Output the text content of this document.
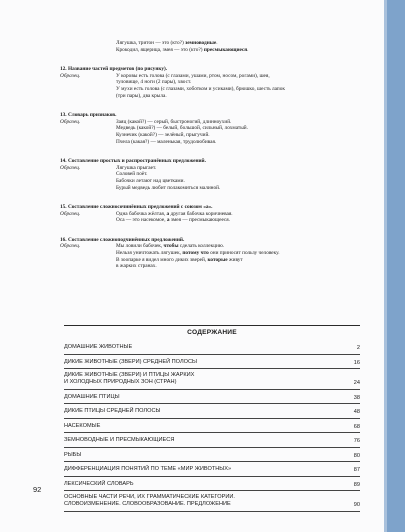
Лягушка, тритон — это (кто?) земноводные.
Крокодил, ящерица, змея — это (кто?) пресмыкающиеся.
12. Название частей предметов (по рисунку).
Образец.	У коровы есть голова (с глазами, ушами, ртом, носом, рогами), шея,
туловище, 4 ноги (2 пары), хвост.
У мухи есть голова (с глазами, хоботком и усиками), брюшко, шесть лапок
(три пары), два крыла.
13. Словарь признаков.
Образец.	Заяц (какой?) — серый, быстроногий, длинноухий.
Медведь (какой?) — белый, большой, сильный, лохматый.
Кузнечик (какой?) — зелёный, прыгучий.
Пчела (какая?) — маленькая, трудолюбивая.
14. Составление простых и распространённых предложений.
Образец.	Лягушка прыгает.
Соловей поёт.
Бабочки летают над цветками.
Бурый медведь любит полакомиться малиной.
15. Составление сложносочинённых предложений с союзом «а».
Образец.	Одна бабочка жёлтая, а другая бабочка коричневая.
Оса — это насекомое, а змея — пресмыкающееся.
16. Составление сложноподчинённых предложений.
Образец.	Мы ловили бабочек, чтобы сделать коллекцию.
Нельзя уничтожать лягушек, потому что они приносят пользу человеку.
В зоопарке я видел много диких зверей, которые живут
в жарких странах.
СОДЕРЖАНИЕ
ДОМАШНИЕ ЖИВОТНЫЕ	2
ДИКИЕ ЖИВОТНЫЕ (ЗВЕРИ) СРЕДНЕЙ ПОЛОСЫ	16
ДИКИЕ ЖИВОТНЫЕ (ЗВЕРИ) И ПТИЦЫ ЖАРКИХ
И ХОЛОДНЫХ ПРИРОДНЫХ ЗОН (СТРАН)	24
ДОМАШНИЕ ПТИЦЫ	38
ДИКИЕ ПТИЦЫ СРЕДНЕЙ ПОЛОСЫ	48
НАСЕКОМЫЕ	68
ЗЕМНОВОДНЫЕ И ПРЕСМЫКАЮЩИЕСЯ	76
РЫБЫ	80
ДИФФЕРЕНЦИАЦИЯ ПОНЯТИЙ ПО ТЕМЕ «МИР ЖИВОТНЫХ»	87
ЛЕКСИЧЕСКИЙ СЛОВАРЬ	89
ОСНОВНЫЕ ЧАСТИ РЕЧИ, ИХ ГРАММАТИЧЕСКИЕ КАТЕГОРИИ.
СЛОВОИЗМЕНЕНИЕ. СЛОВООБРАЗОВАНИЕ. ПРЕДЛОЖЕНИЕ	90
92
